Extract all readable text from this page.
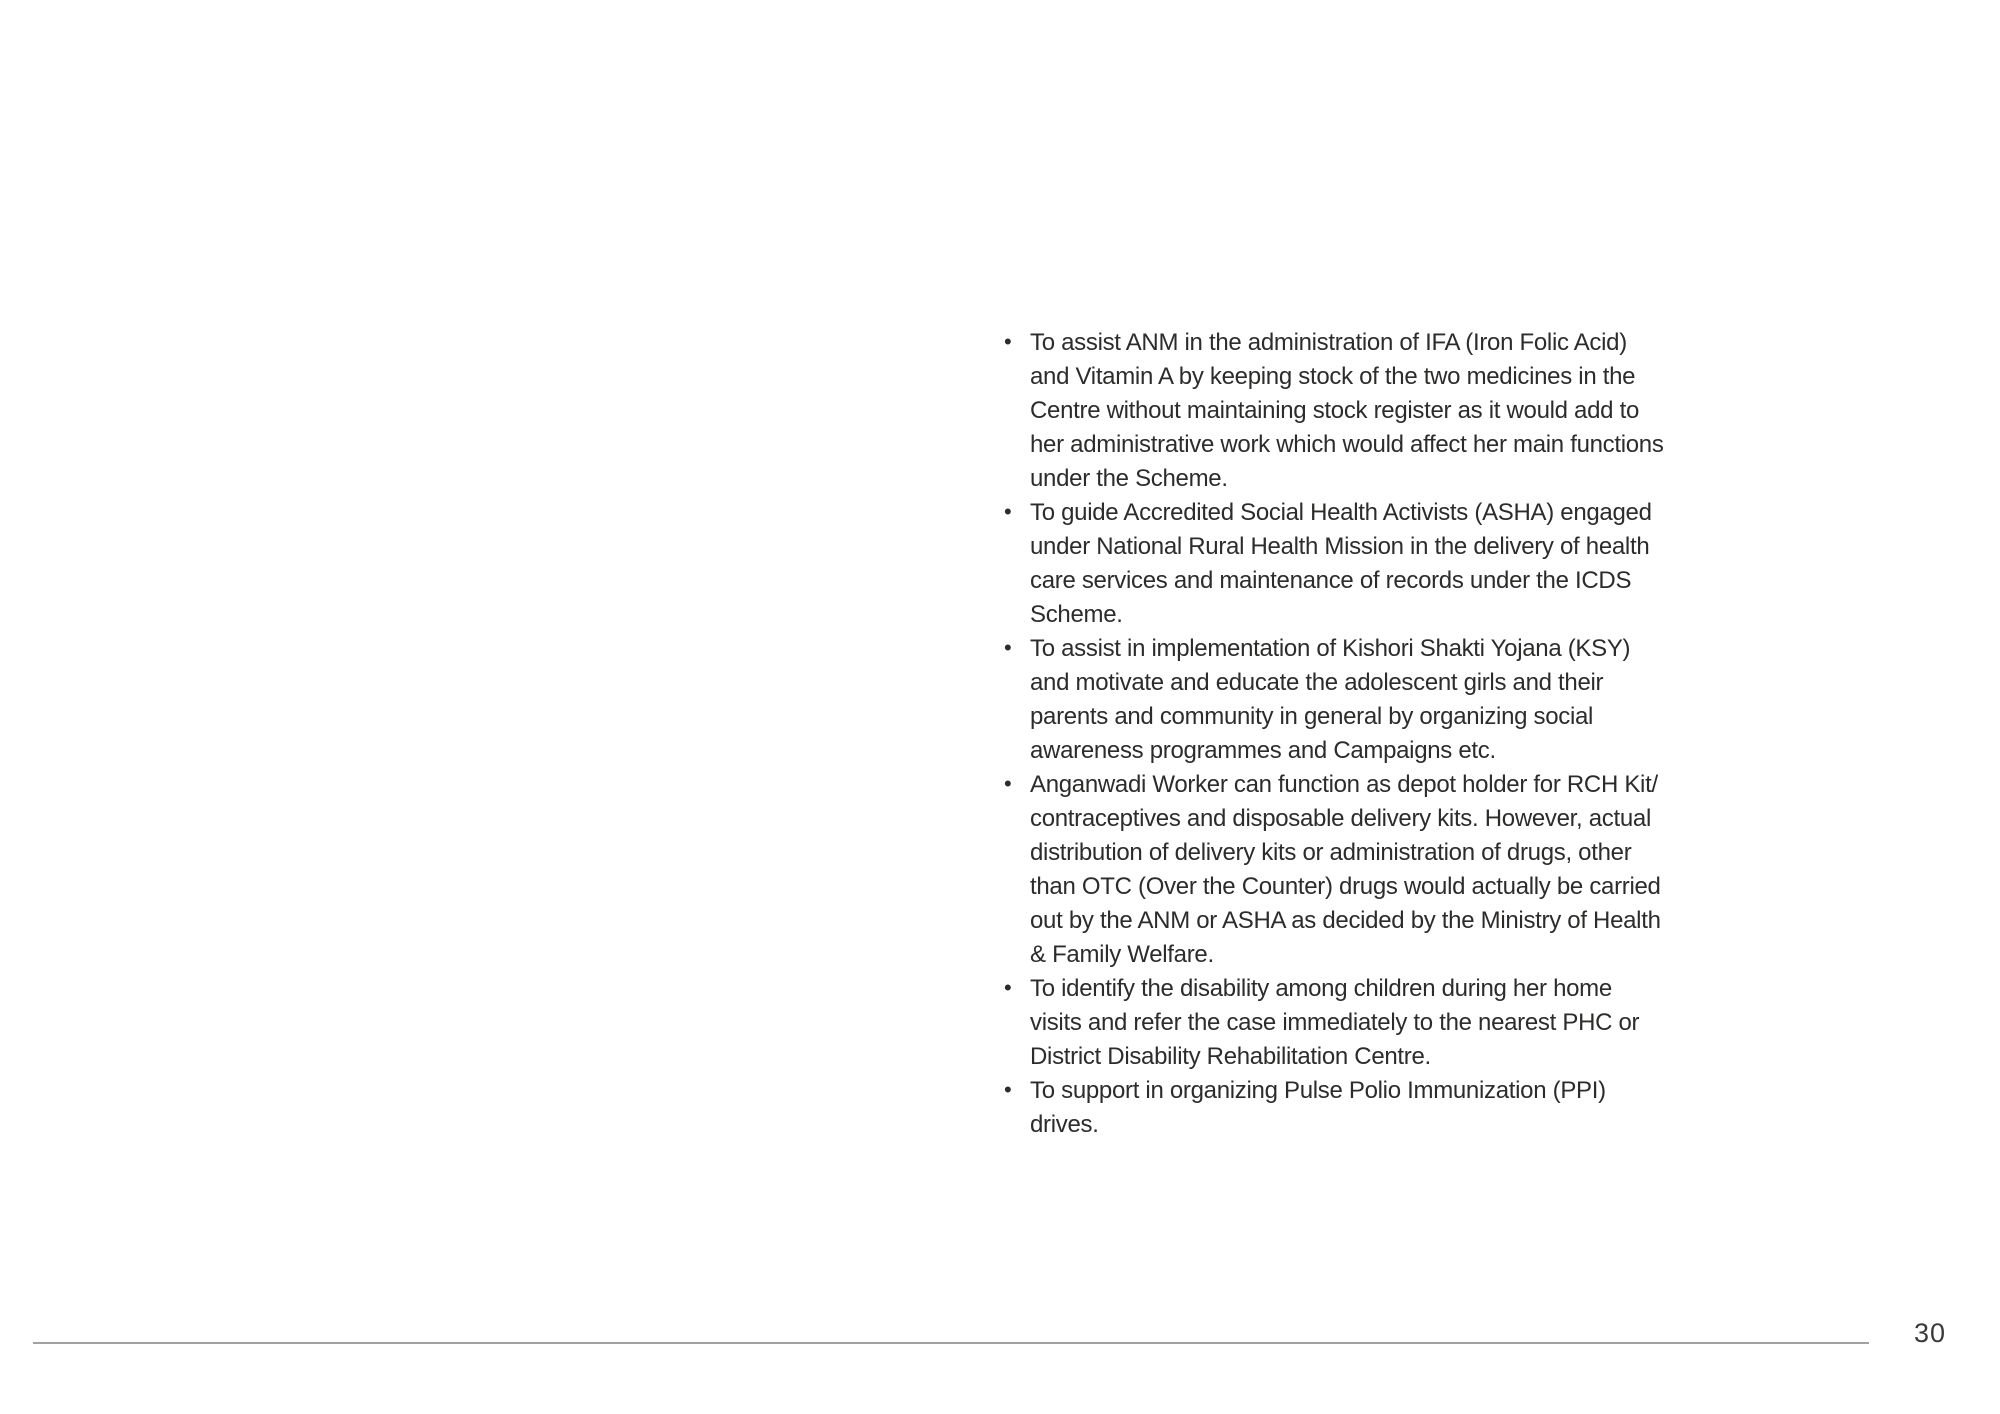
• To assist ANM in the administration of IFA (Iron Folic Acid) and Vitamin A by keeping stock of the two medicines in the Centre without maintaining stock register as it would add to her administrative work which would affect her main functions under the Scheme.
• To guide Accredited Social Health Activists (ASHA) engaged under National Rural Health Mission in the delivery of health care services and maintenance of records under the ICDS Scheme.
• To assist in implementation of Kishori Shakti Yojana (KSY) and motivate and educate the adolescent girls and their parents and community in general by organizing social awareness programmes and Campaigns etc.
• Anganwadi Worker can function as depot holder for RCH Kit/ contraceptives and disposable delivery kits. However, actual distribution of delivery kits or administration of drugs, other than OTC (Over the Counter) drugs would actually be carried out by the ANM or ASHA as decided by the Ministry of Health & Family Welfare.
• To identify the disability among children during her home visits and refer the case immediately to the nearest PHC or District Disability Rehabilitation Centre.
• To support in organizing Pulse Polio Immunization (PPI) drives.
30
